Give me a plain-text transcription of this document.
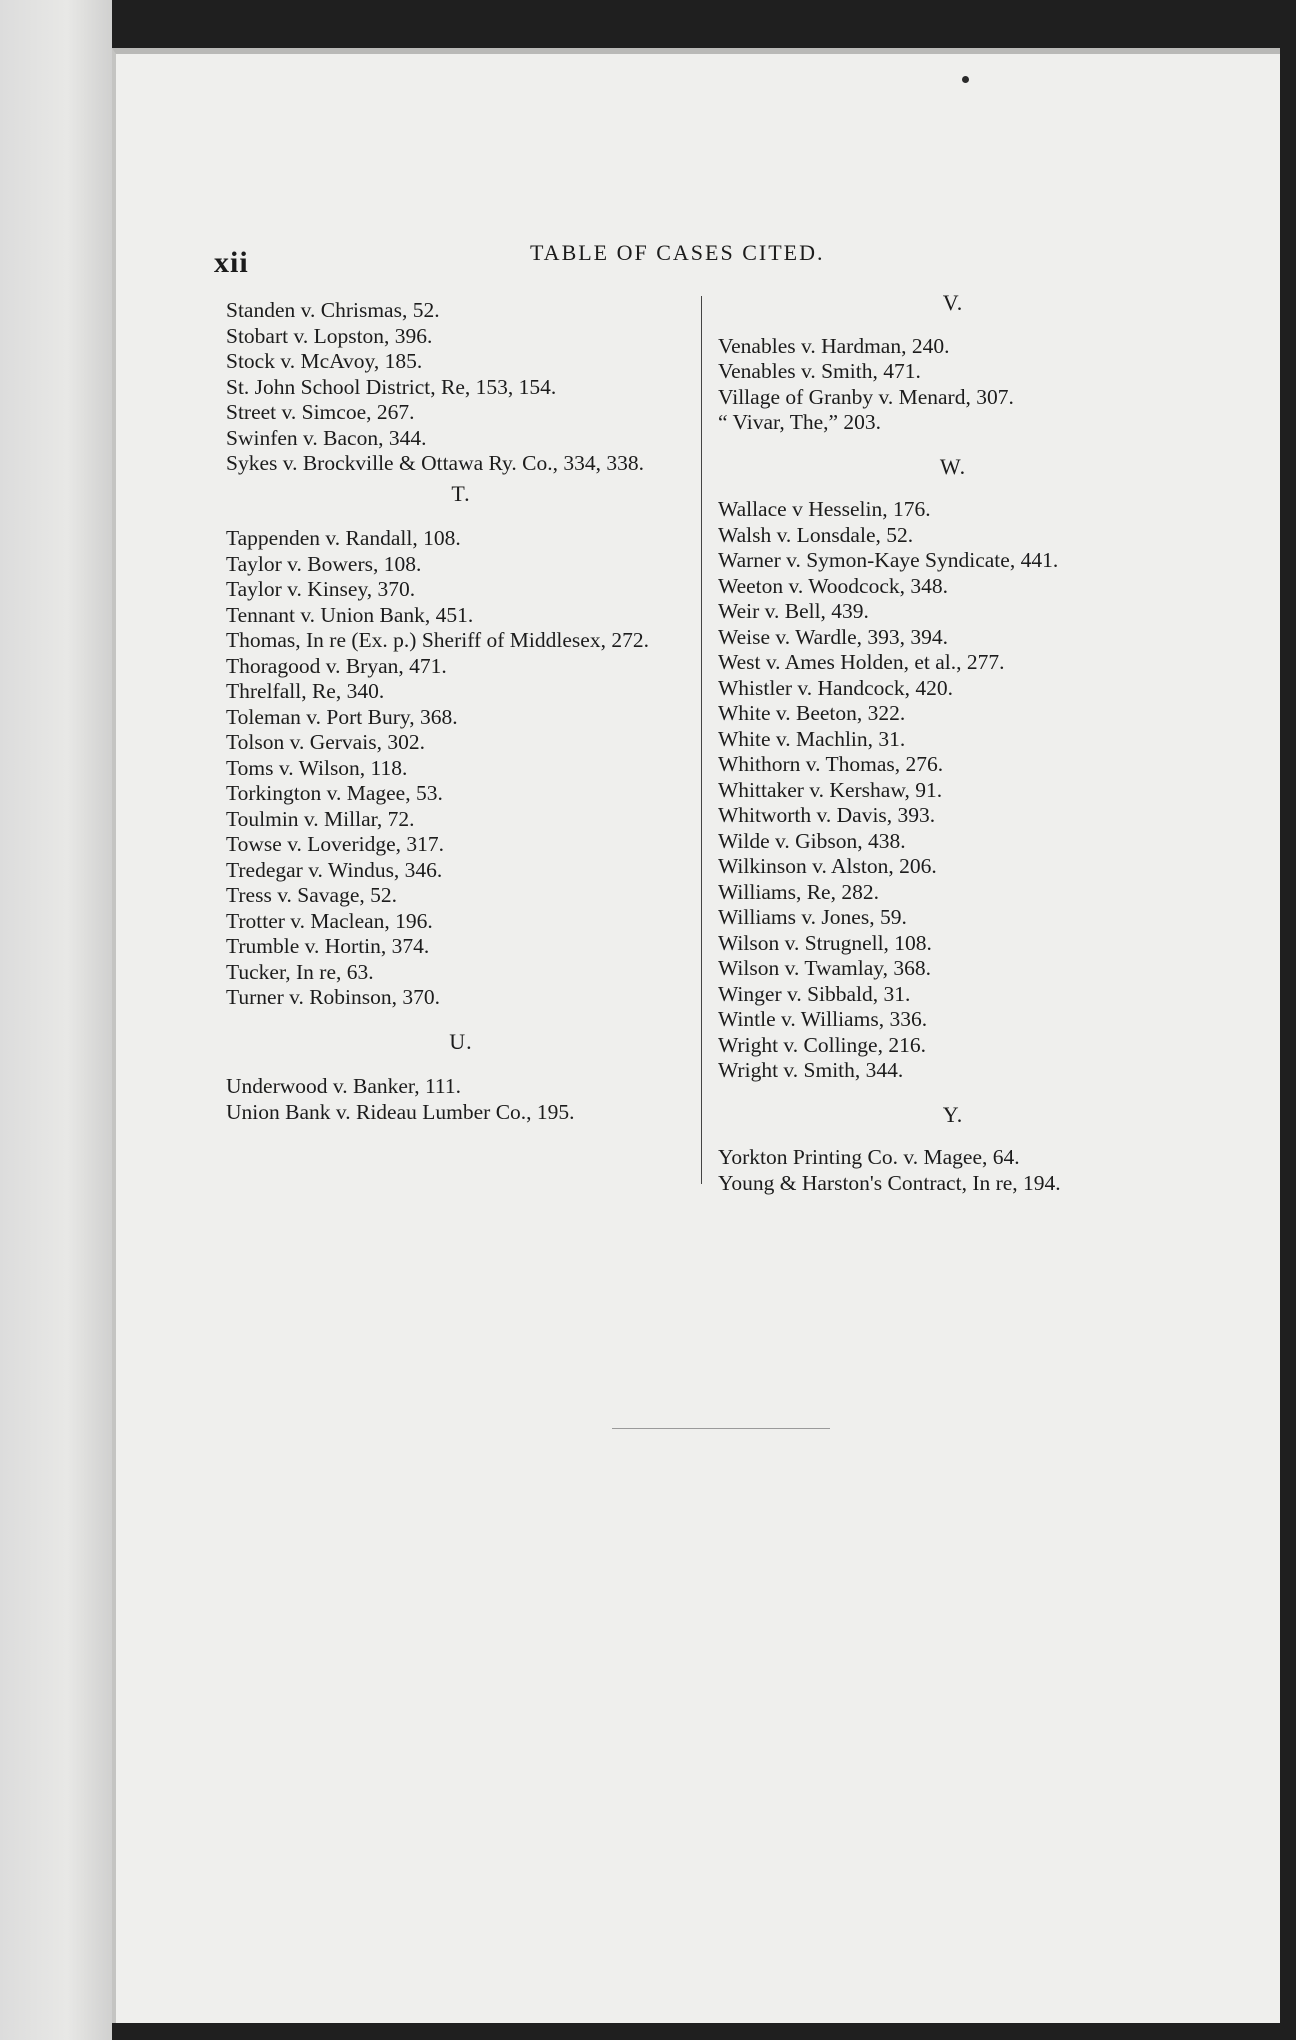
xii	TABLE OF CASES CITED.
Standen v. Chrismas, 52.
Stobart v. Lopston, 396.
Stock v. McAvoy, 185.
St. John School District, Re, 153, 154.
Street v. Simcoe, 267.
Swinfen v. Bacon, 344.
Sykes v. Brockville & Ottawa Ry. Co., 334, 338.
T.
Tappenden v. Randall, 108.
Taylor v. Bowers, 108.
Taylor v. Kinsey, 370.
Tennant v. Union Bank, 451.
Thomas, In re (Ex. p.) Sheriff of Middlesex, 272.
Thoragood v. Bryan, 471.
Threlfall, Re, 340.
Toleman v. Port Bury, 368.
Tolson v. Gervais, 302.
Toms v. Wilson, 118.
Torkington v. Magee, 53.
Toulmin v. Millar, 72.
Towse v. Loveridge, 317.
Tredegar v. Windus, 346.
Tress v. Savage, 52.
Trotter v. Maclean, 196.
Trumble v. Hortin, 374.
Tucker, In re, 63.
Turner v. Robinson, 370.
U.
Underwood v. Banker, 111.
Union Bank v. Rideau Lumber Co., 195.
V.
Venables v. Hardman, 240.
Venables v. Smith, 471.
Village of Granby v. Menard, 307.
“ Vivar, The,” 203.
W.
Wallace v Hesselin, 176.
Walsh v. Lonsdale, 52.
Warner v. Symon-Kaye Syndicate, 441.
Weeton v. Woodcock, 348.
Weir v. Bell, 439.
Weise v. Wardle, 393, 394.
West v. Ames Holden, et al., 277.
Whistler v. Handcock, 420.
White v. Beeton, 322.
White v. Machlin, 31.
Whithorn v. Thomas, 276.
Whittaker v. Kershaw, 91.
Whitworth v. Davis, 393.
Wilde v. Gibson, 438.
Wilkinson v. Alston, 206.
Williams, Re, 282.
Williams v. Jones, 59.
Wilson v. Strugnell, 108.
Wilson v. Twamlay, 368.
Winger v. Sibbald, 31.
Wintle v. Williams, 336.
Wright v. Collinge, 216.
Wright v. Smith, 344.
Y.
Yorkton Printing Co. v. Magee, 64.
Young & Harston's Contract, In re, 194.
